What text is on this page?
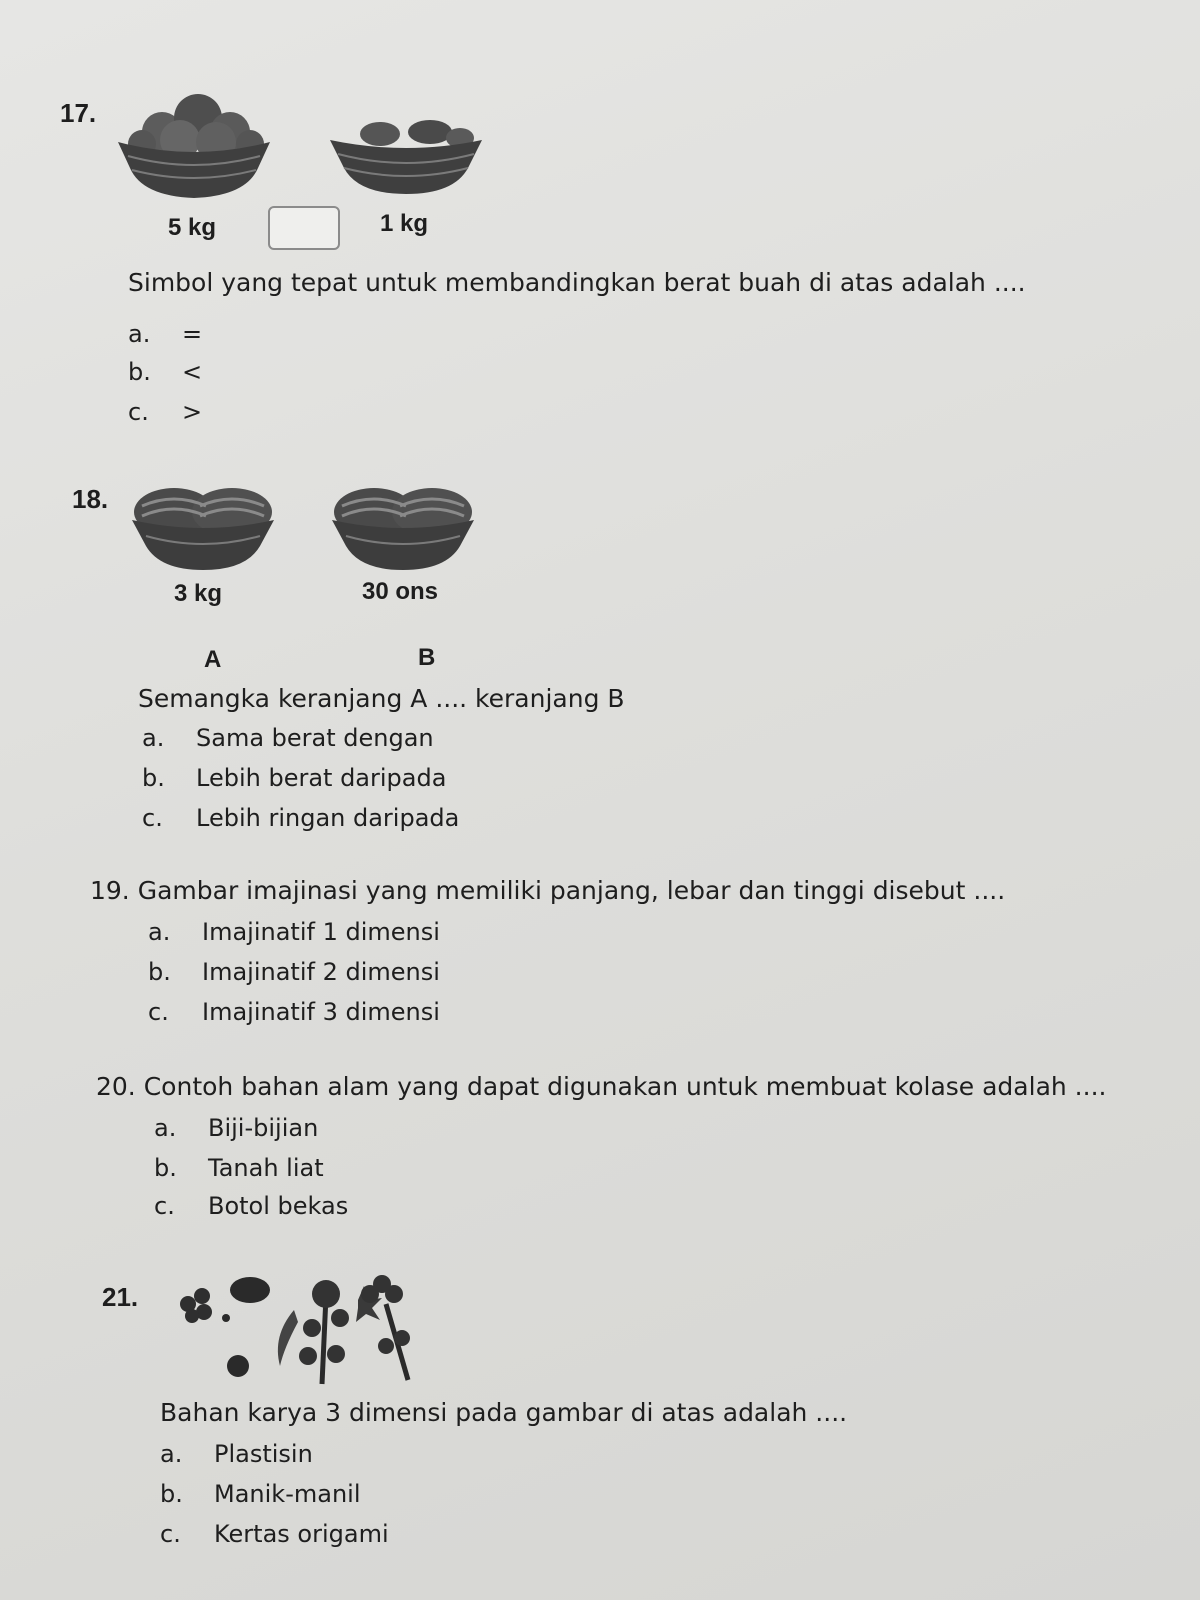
17.
5 kg	1 kg
Simbol yang tepat untuk membandingkan berat buah di atas adalah ....
a. =
b. <
c. >
18.
3 kg	30 ons
A	B
Semangka keranjang A .... keranjang B
a. Sama berat dengan
b. Lebih berat daripada
c. Lebih ringan daripada
19. Gambar imajinasi yang memiliki panjang, lebar dan tinggi disebut ....
a. Imajinatif 1 dimensi
b. Imajinatif 2 dimensi
c. Imajinatif 3 dimensi
20. Contoh bahan alam yang dapat digunakan untuk membuat kolase adalah ....
a. Biji-bijian
b. Tanah liat
c. Botol bekas
21.
Bahan karya 3 dimensi pada gambar di atas adalah ....
a. Plastisin
b. Manik-manil
c. Kertas origami
